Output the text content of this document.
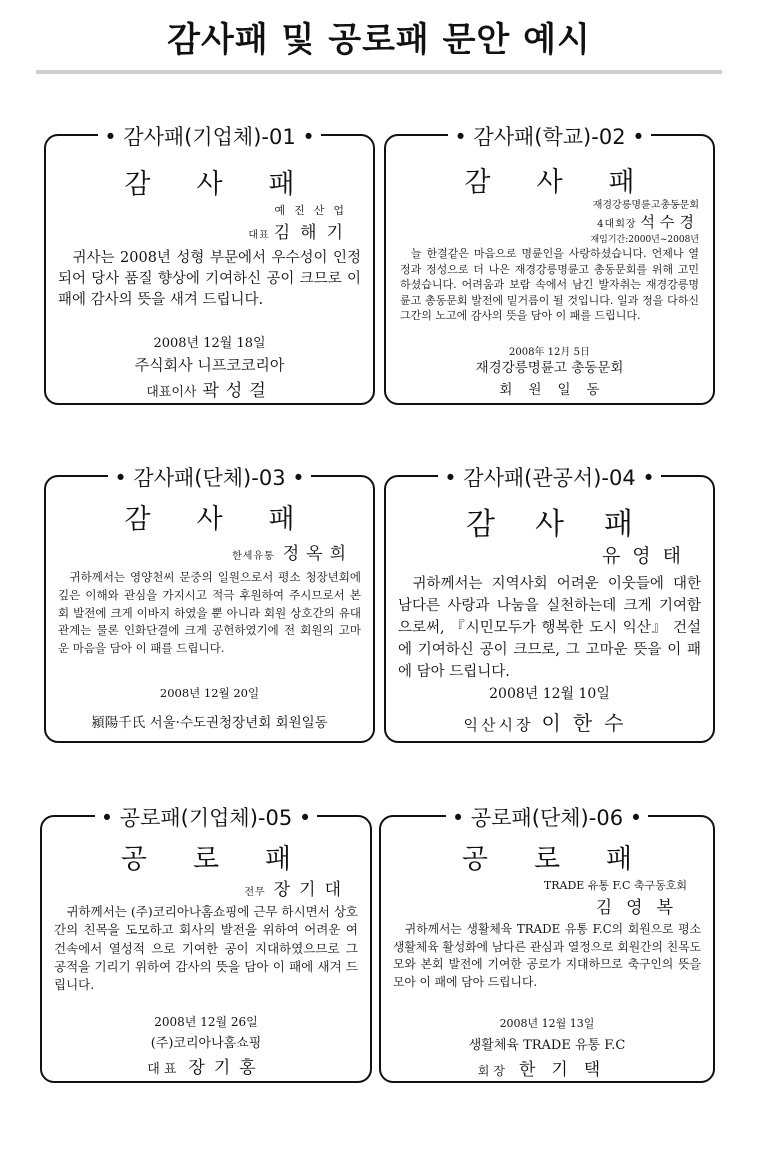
감사패 및 공로패 문안 예시
• 감사패(기업체)-01 •
감사패
예진산업
대표 김해기
귀사는 2008년 성형 부문에서 우수성이 인정되어 당사 품질 향상에 기여하신 공이 크므로 이 패에 감사의 뜻을 새겨 드립니다.
2008년 12월 18일
주식회사 니프코코리아
대표이사 곽성걸
• 감사패(학교)-02 •
감사패
재경강릉명륜고총동문회
4대회장 석수경
재임기간:2000년~2008년
늘 한결같은 마음으로 명륜인을 사랑하셨습니다. 언제나 열정과 정성으로 더 나은 재경강릉명륜고 총동문회를 위해 고민하셨습니다. 어려움과 보람 속에서 남긴 발자취는 재경강릉명륜고 총동문회 발전에 밑거름이 될 것입니다. 일과 정을 다하신 그간의 노고에 감사의 뜻을 담아 이 패를 드립니다.
2008年 12月 5日
재경강릉명륜고 총동문회
회원일동
• 감사패(단체)-03 •
감사패
한세유통 정옥희
귀하께서는 영양천씨 문중의 일원으로서 평소 청장년회에 깊은 이해와 관심을 가지시고 적극 후원하여 주시므로서 본회 발전에 크게 이바지 하였을 뿐 아니라 회원 상호간의 유대관계는 물론 인화단결에 크게 공헌하였기에 전 회원의 고마운 마음을 담아 이 패를 드립니다.
2008년 12월 20일
潁陽千氏 서울·수도권청장년회 회원일동
• 감사패(관공서)-04 •
감사패
유영태
귀하께서는 지역사회 어려운 이웃들에 대한 남다른 사랑과 나눔을 실천하는데 크게 기여함으로써, 『시민모두가 행복한 도시 익산』 건설에 기여하신 공이 크므로, 그 고마운 뜻을 이 패에 담아 드립니다.
2008년 12월 10일
익산시장 이한수
• 공로패(기업체)-05 •
공로패
전무 장기대
귀하께서는 (주)코리아나홈쇼핑에 근무 하시면서 상호간의 친목을 도모하고 회사의 발전을 위하여 어려운 여건속에서 열성적 으로 기여한 공이 지대하였으므로 그 공적을 기리기 위하여 감사의 뜻을 담아 이 패에 새겨 드립니다.
2008년 12월 26일
(주)코리아나홈쇼핑
대표 장기홍
• 공로패(단체)-06 •
공로패
TRADE 유통 F.C 축구동호회
김영복
귀하께서는 생활체육 TRADE 유통 F.C의 회원으로 평소 생활체육 활성화에 남다른 관심과 열정으로 회원간의 친목도모와 본회 발전에 기여한 공로가 지대하므로 축구인의 뜻을 모아 이 패에 담아 드립니다.
2008년 12월 13일
생활체육 TRADE 유통 F.C
회장 한기택
